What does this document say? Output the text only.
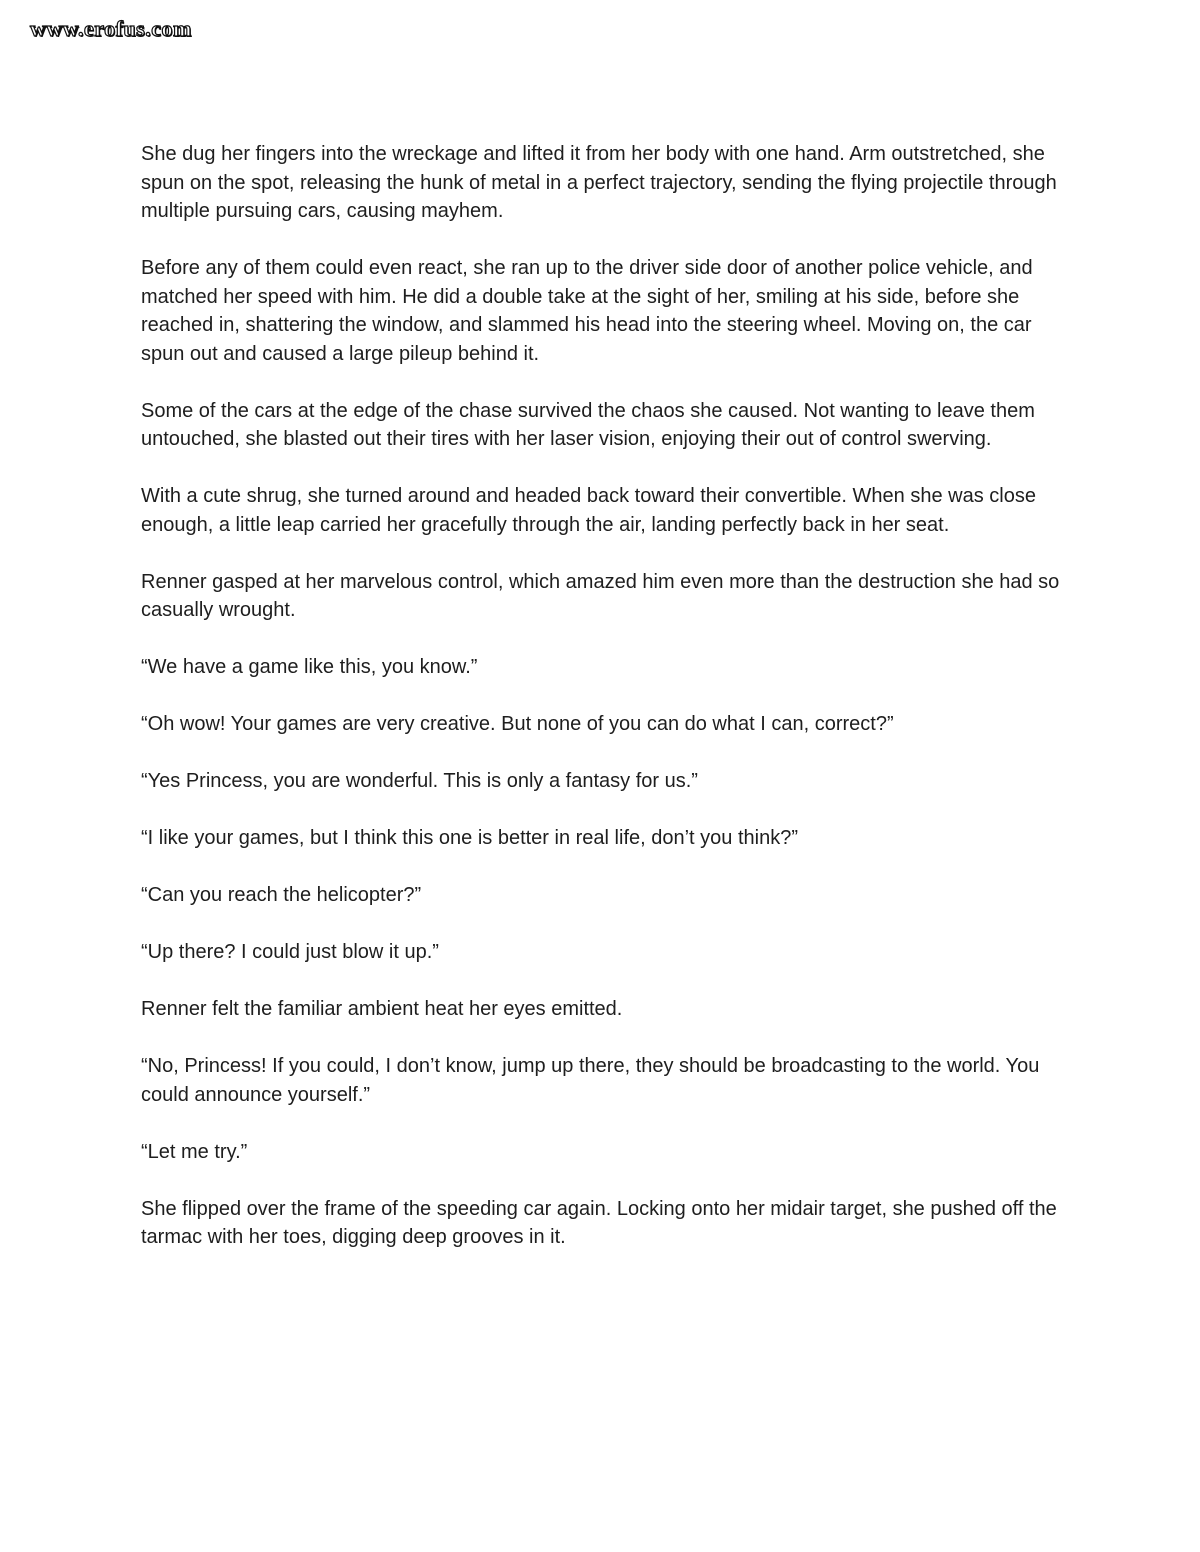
www.erofus.com

She dug her fingers into the wreckage and lifted it from her body with one hand. Arm outstretched, she spun on the spot, releasing the hunk of metal in a perfect trajectory, sending the flying projectile through multiple pursuing cars, causing mayhem.

Before any of them could even react, she ran up to the driver side door of another police vehicle, and matched her speed with him. He did a double take at the sight of her, smiling at his side, before she reached in, shattering the window, and slammed his head into the steering wheel. Moving on, the car spun out and caused a large pileup behind it.

Some of the cars at the edge of the chase survived the chaos she caused. Not wanting to leave them untouched, she blasted out their tires with her laser vision, enjoying their out of control swerving.

With a cute shrug, she turned around and headed back toward their convertible. When she was close enough, a little leap carried her gracefully through the air, landing perfectly back in her seat.

Renner gasped at her marvelous control, which amazed him even more than the destruction she had so casually wrought.

“We have a game like this, you know.”

“Oh wow! Your games are very creative. But none of you can do what I can, correct?”

“Yes Princess, you are wonderful. This is only a fantasy for us.”

“I like your games, but I think this one is better in real life, don’t you think?”

“Can you reach the helicopter?”

“Up there? I could just blow it up.”

Renner felt the familiar ambient heat her eyes emitted.

“No, Princess! If you could, I don’t know, jump up there, they should be broadcasting to the world. You could announce yourself.”

“Let me try.”

She flipped over the frame of the speeding car again. Locking onto her midair target, she pushed off the tarmac with her toes, digging deep grooves in it.
